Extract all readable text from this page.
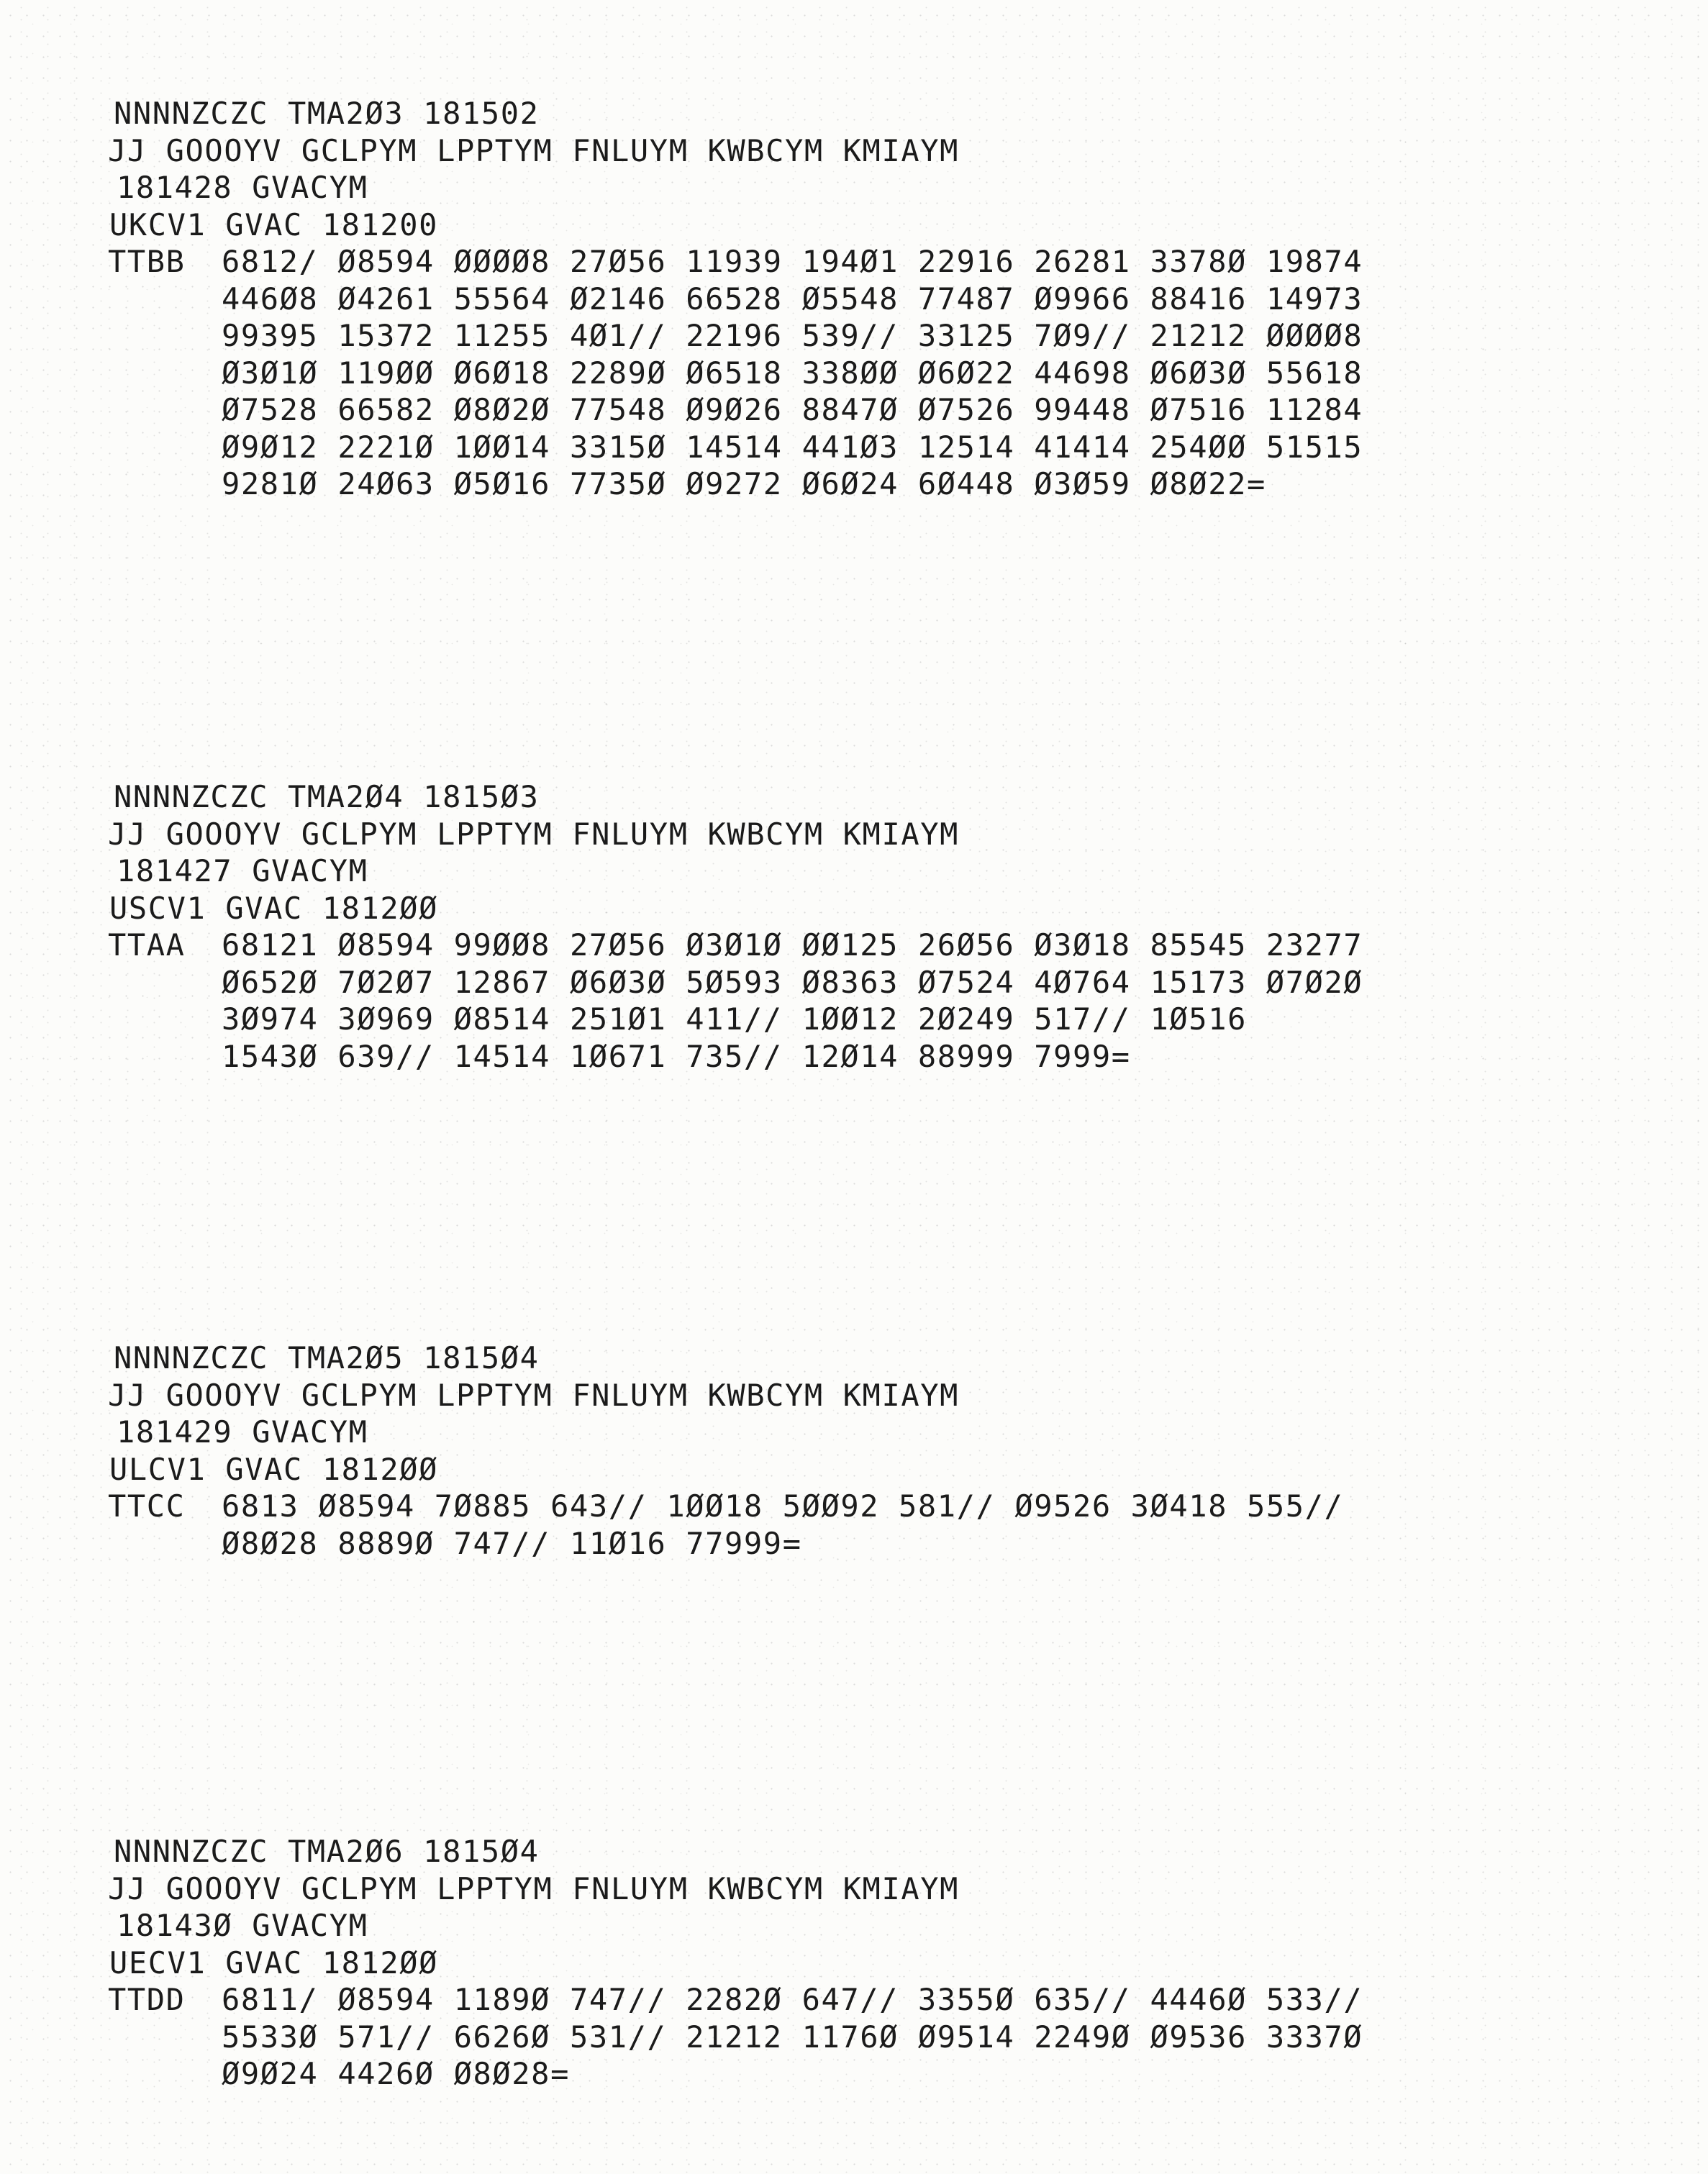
NNNNZCZC TMA2Ø3 181502
JJ GOOOYV GCLPYM LPPTYM FNLUYM KWBCYM KMIAYM
181428 GVACYM
UKCV1 GVAC 181200
TTBB	6812/ Ø8594 ØØØØ8 27Ø56 11939 194Ø1 22916 26281 3378Ø 19874
446Ø8 Ø4261 55564 Ø2146 66528 Ø5548 77487 Ø9966 88416 14973
99395 15372 11255 4Ø1// 22196 539// 33125 7Ø9// 21212 ØØØØ8
Ø3Ø1Ø 119ØØ Ø6Ø18 2289Ø Ø6518 338ØØ Ø6Ø22 44698 Ø6Ø3Ø 55618
Ø7528 66582 Ø8Ø2Ø 77548 Ø9Ø26 8847Ø Ø7526 99448 Ø7516 11284
Ø9Ø12 2221Ø 1ØØ14 3315Ø 14514 441Ø3 12514 41414 254ØØ 51515
9281Ø 24Ø63 Ø5Ø16 7735Ø Ø9272 Ø6Ø24 6Ø448 Ø3Ø59 Ø8Ø22=
NNNNZCZC TMA2Ø4 1815Ø3
JJ GOOOYV GCLPYM LPPTYM FNLUYM KWBCYM KMIAYM
181427 GVACYM
USCV1 GVAC 1812ØØ
TTAA	68121 Ø8594 99ØØ8 27Ø56 Ø3Ø1Ø ØØ125 26Ø56 Ø3Ø18 85545 23277
Ø652Ø 7Ø2Ø7 12867 Ø6Ø3Ø 5Ø593 Ø8363 Ø7524 4Ø764 15173 Ø7Ø2Ø
3Ø974 3Ø969 Ø8514 251Ø1 411// 1ØØ12 2Ø249 517// 1Ø516
1543Ø 639// 14514 1Ø671 735// 12Ø14 88999 7999=
NNNNZCZC TMA2Ø5 1815Ø4
JJ GOOOYV GCLPYM LPPTYM FNLUYM KWBCYM KMIAYM
181429 GVACYM
ULCV1 GVAC 1812ØØ
TTCC	6813 Ø8594 7Ø885 643// 1ØØ18 5ØØ92 581// Ø9526 3Ø418 555//
Ø8Ø28 8889Ø 747// 11Ø16 77999=
NNNNZCZC TMA2Ø6 1815Ø4
JJ GOOOYV GCLPYM LPPTYM FNLUYM KWBCYM KMIAYM
18143Ø GVACYM
UECV1 GVAC 1812ØØ
TTDD	6811/ Ø8594 1189Ø 747// 2282Ø 647// 3355Ø 635// 4446Ø 533//
5533Ø 571// 6626Ø 531// 21212 1176Ø Ø9514 2249Ø Ø9536 3337Ø
Ø9Ø24 4426Ø Ø8Ø28=
